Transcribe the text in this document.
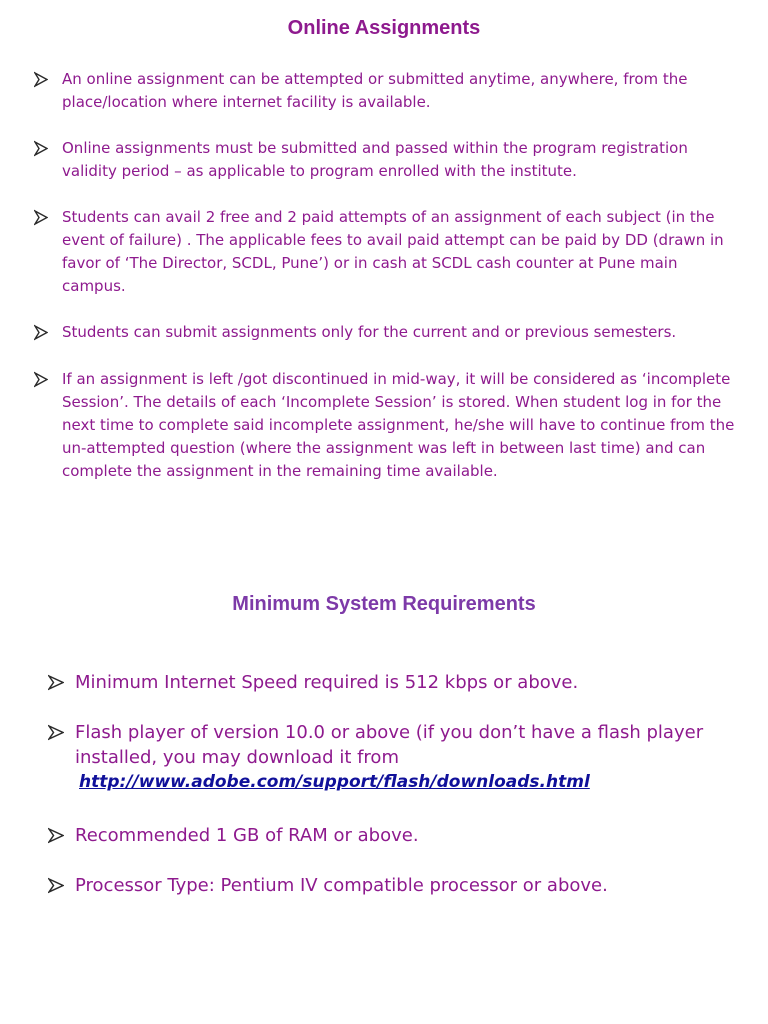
Online Assignments
An online assignment can be attempted or submitted anytime, anywhere, from the place/location where internet facility is available.
Online assignments must be submitted and passed within the program registration validity period – as applicable to program enrolled with the institute.
Students can avail 2 free and 2 paid attempts of an assignment of each subject (in the event of failure) . The applicable fees to avail paid attempt can be paid by DD (drawn in favor of ‘The Director, SCDL, Pune’) or in cash at SCDL cash counter at Pune main campus.
Students can submit assignments only for the current and or previous semesters.
If an assignment is left /got discontinued in mid-way, it will be considered as ‘incomplete Session’. The details of each ‘Incomplete Session’ is stored. When student log in for the next time to complete said incomplete assignment, he/she will have to continue from the un-attempted question (where the assignment was left in between last time) and can complete the assignment in the remaining time available.
Minimum System Requirements
Minimum Internet Speed required is 512 kbps or above.
Flash player of version 10.0 or above (if you don’t have a flash player installed, you may download it from
http://www.adobe.com/support/flash/downloads.html
Recommended 1 GB of RAM or above.
Processor Type: Pentium IV compatible processor or above.
